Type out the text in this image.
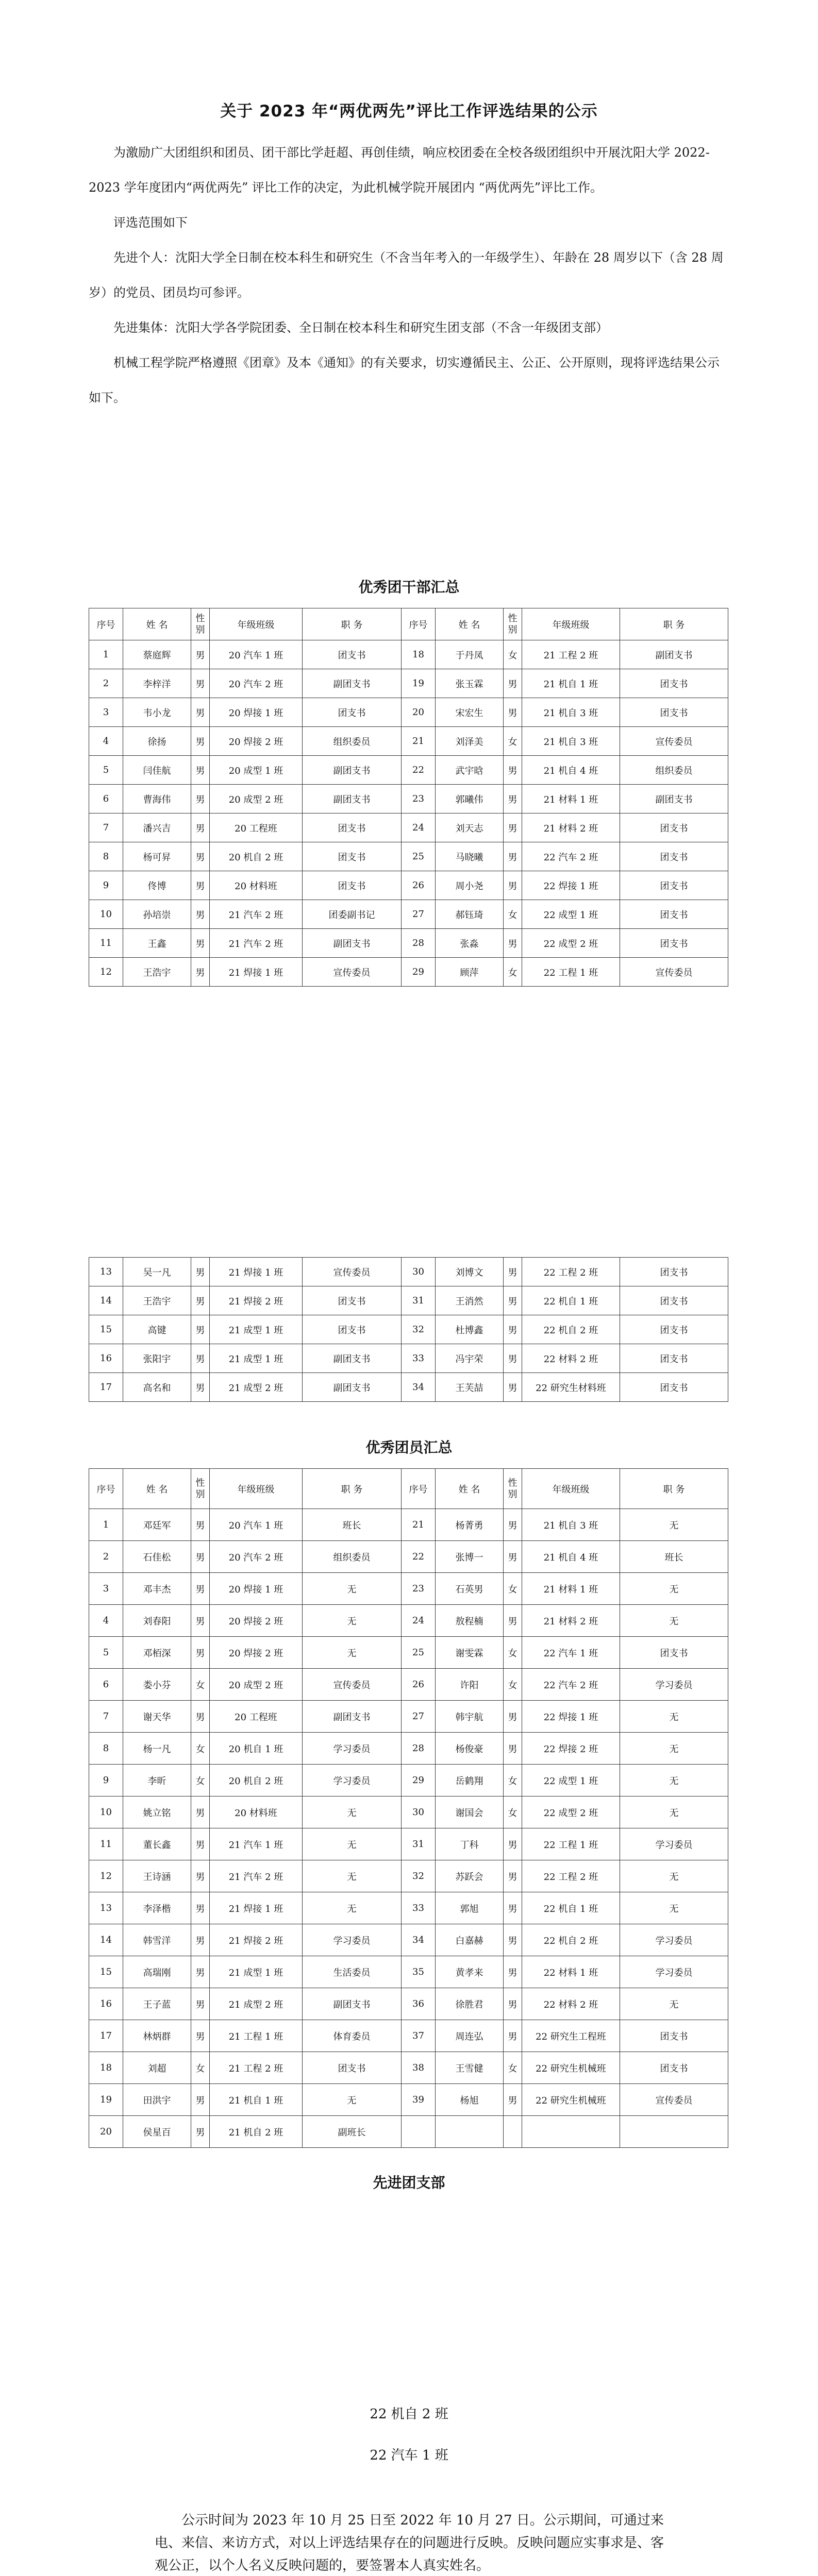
关于 2023 年“两优两先”评比工作评选结果的公示

为激励广大团组织和团员、团干部比学赶超、再创佳绩，响应校团委在全校各级团组织中开展沈阳大学 2022-2023 学年度团内“两优两先” 评比工作的决定，为此机械学院开展团内 “两优两先”评比工作。

评选范围如下

先进个人：沈阳大学全日制在校本科生和研究生（不含当年考入的一年级学生）、年龄在 28 周岁以下（含 28 周岁）的党员、团员均可参评。

先进集体：沈阳大学各学院团委、全日制在校本科生和研究生团支部（不含一年级团支部）

机械工程学院严格遵照《团章》及本《通知》的有关要求，切实遵循民主、公正、公开原则，现将评选结果公示如下。

优秀团干部汇总
序号	姓 名	性别	年级班级	职 务	序号	姓 名	性别	年级班级	职 务
1	蔡庭辉	男	20 汽车 1 班	团支书	18	于丹凤	女	21 工程 2 班	副团支书
2	李梓洋	男	20 汽车 2 班	副团支书	19	张玉霖	男	21 机自 1 班	团支书
3	韦小龙	男	20 焊接 1 班	团支书	20	宋宏生	男	21 机自 3 班	团支书
4	徐扬	男	20 焊接 2 班	组织委员	21	刘泽美	女	21 机自 3 班	宣传委员
5	闫佳航	男	20 成型 1 班	副团支书	22	武宇晗	男	21 机自 4 班	组织委员
6	曹海伟	男	20 成型 2 班	副团支书	23	郭曦伟	男	21 材料 1 班	副团支书
7	潘兴吉	男	20 工程班	团支书	24	刘天志	男	21 材料 2 班	团支书
8	杨可昇	男	20 机自 2 班	团支书	25	马晓曦	男	22 汽车 2 班	团支书
9	佟博	男	20 材料班	团支书	26	周小尧	男	22 焊接 1 班	团支书
10	孙培崇	男	21 汽车 2 班	团委副书记	27	郝钰琦	女	22 成型 1 班	团支书
11	王鑫	男	21 汽车 2 班	副团支书	28	张淼	男	22 成型 2 班	团支书
12	王浩宇	男	21 焊接 1 班	宣传委员	29	顾萍	女	22 工程 1 班	宣传委员
13	吴一凡	男	21 焊接 1 班	宣传委员	30	刘博文	男	22 工程 2 班	团支书
14	王浩宇	男	21 焊接 2 班	团支书	31	王消然	男	22 机自 1 班	团支书
15	高键	男	21 成型 1 班	团支书	32	杜博鑫	男	22 机自 2 班	团支书
16	张阳宇	男	21 成型 1 班	副团支书	33	冯宇荣	男	22 材料 2 班	团支书
17	高名和	男	21 成型 2 班	副团支书	34	王芙喆	男	22 研究生材料班	团支书
优秀团员汇总
序号	姓 名	性别	年级班级	职 务	序号	姓 名	性别	年级班级	职 务
1	邓廷军	男	20 汽车 1 班	班长	21	杨菁勇	男	21 机自 3 班	无
2	石佳松	男	20 汽车 2 班	组织委员	22	张博一	男	21 机自 4 班	班长
3	邓丰杰	男	20 焊接 1 班	无	23	石英男	女	21 材料 1 班	无
4	刘春阳	男	20 焊接 2 班	无	24	敖程楠	男	21 材料 2 班	无
5	邓栢深	男	20 焊接 2 班	无	25	谢雯霖	女	22 汽车 1 班	团支书
6	娄小芬	女	20 成型 2 班	宣传委员	26	许阳	女	22 汽车 2 班	学习委员
7	谢天华	男	20 工程班	副团支书	27	韩宇航	男	22 焊接 1 班	无
8	杨一凡	女	20 机自 1 班	学习委员	28	杨俊豪	男	22 焊接 2 班	无
9	李昕	女	20 机自 2 班	学习委员	29	岳鹤翔	女	22 成型 1 班	无
10	姚立铭	男	20 材料班	无	30	谢国会	女	22 成型 2 班	无
11	董长鑫	男	21 汽车 1 班	无	31	丁科	男	22 工程 1 班	学习委员
12	王诗涵	男	21 汽车 2 班	无	32	苏跃会	男	22 工程 2 班	无
13	李泽楷	男	21 焊接 1 班	无	33	郭旭	男	22 机自 1 班	无
14	韩雪洋	男	21 焊接 2 班	学习委员	34	白嘉赫	男	22 机自 2 班	学习委员
15	高瑞刚	男	21 成型 1 班	生活委员	35	黄孝来	男	22 材料 1 班	学习委员
16	王子蓝	男	21 成型 2 班	副团支书	36	徐胜君	男	22 材料 2 班	无
17	林炳群	男	21 工程 1 班	体育委员	37	周连弘	男	22 研究生工程班	团支书
18	刘超	女	21 工程 2 班	团支书	38	王雪健	女	22 研究生机械班	团支书
19	田洪宇	男	21 机自 1 班	无	39	杨旭	男	22 研究生机械班	宣传委员
20	侯星百	男	21 机自 2 班	副班长					
先进团支部
22 机自 2 班
22 汽车 1 班

公示时间为 2023 年 10 月 25 日至 2022 年 10 月 27 日。公示期间，可通过来电、来信、来访方式，对以上评选结果存在的问题进行反映。反映问题应实事求是、客观公正，以个人名义反映问题的，要签署本人真实姓名。
